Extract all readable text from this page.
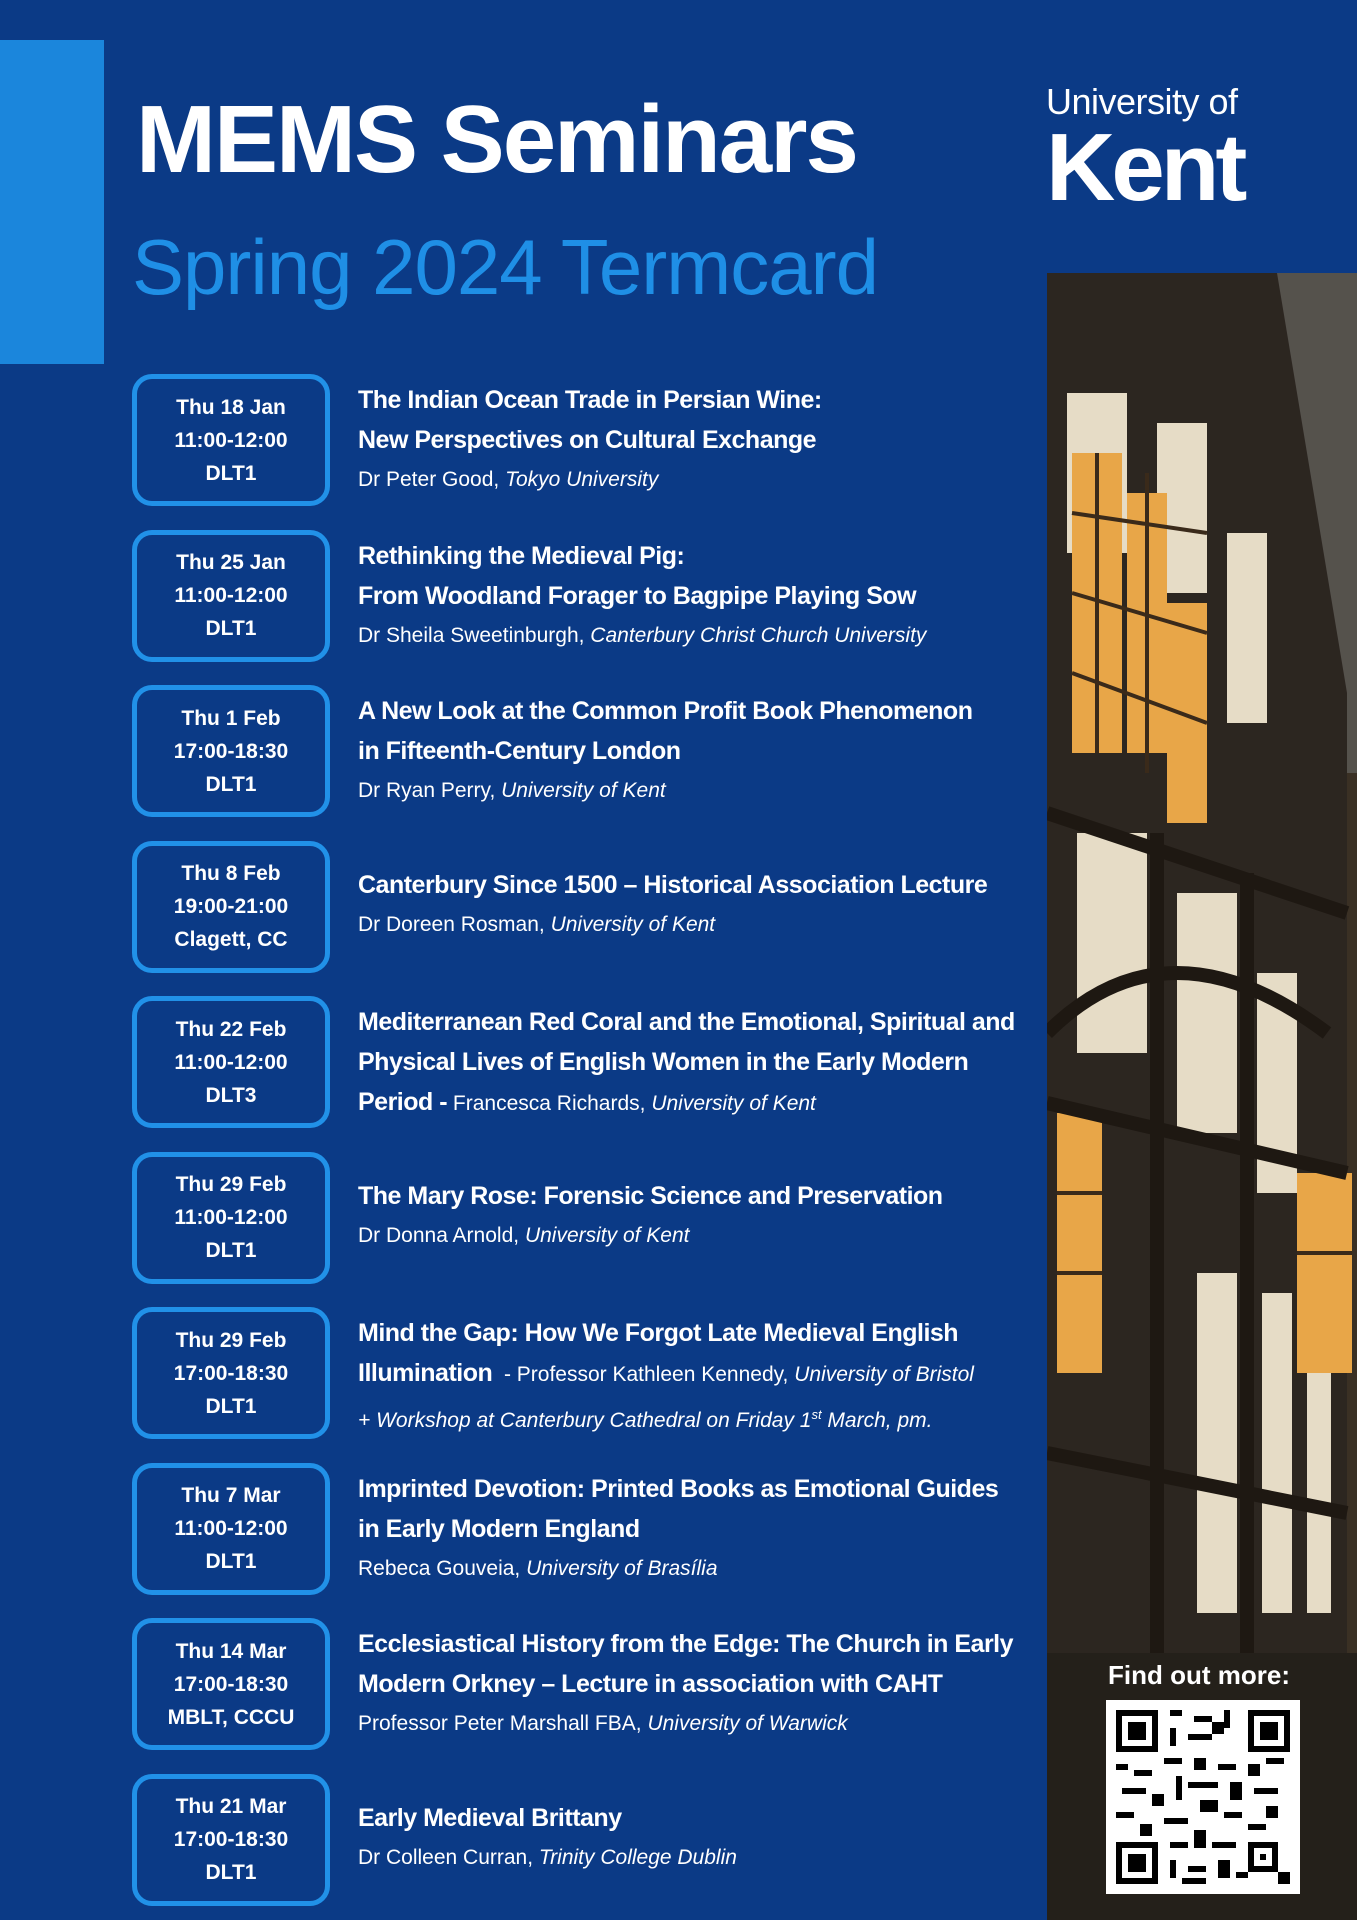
MEMS Seminars
Spring 2024 Termcard
University of
Kent
Find out more:
Thu 18 Jan
11:00-12:00
DLT1
The Indian Ocean Trade in Persian Wine:
New Perspectives on Cultural Exchange
Dr Peter Good, Tokyo University
Thu 25 Jan
11:00-12:00
DLT1
Rethinking the Medieval Pig:
From Woodland Forager to Bagpipe Playing Sow
Dr Sheila Sweetinburgh, Canterbury Christ Church University
Thu 1 Feb
17:00-18:30
DLT1
A New Look at the Common Profit Book Phenomenon
in Fifteenth-Century London
Dr Ryan Perry, University of Kent
Thu 8 Feb
19:00-21:00
Clagett, CC
Canterbury Since 1500 – Historical Association Lecture
Dr Doreen Rosman, University of Kent
Thu 22 Feb
11:00-12:00
DLT3
Mediterranean Red Coral and the Emotional, Spiritual and
Physical Lives of English Women in the Early Modern
Period - Francesca Richards, University of Kent
Thu 29 Feb
11:00-12:00
DLT1
The Mary Rose: Forensic Science and Preservation
Dr Donna Arnold, University of Kent
Thu 29 Feb
17:00-18:30
DLT1
Mind the Gap: How We Forgot Late Medieval English
Illumination  - Professor Kathleen Kennedy, University of Bristol
+ Workshop at Canterbury Cathedral on Friday 1st March, pm.
Thu 7 Mar
11:00-12:00
DLT1
Imprinted Devotion: Printed Books as Emotional Guides
in Early Modern England
Rebeca Gouveia, University of Brasília
Thu 14 Mar
17:00-18:30
MBLT, CCCU
Ecclesiastical History from the Edge: The Church in Early
Modern Orkney – Lecture in association with CAHT
Professor Peter Marshall FBA, University of Warwick
Thu 21 Mar
17:00-18:30
DLT1
Early Medieval Brittany
Dr Colleen Curran, Trinity College Dublin
